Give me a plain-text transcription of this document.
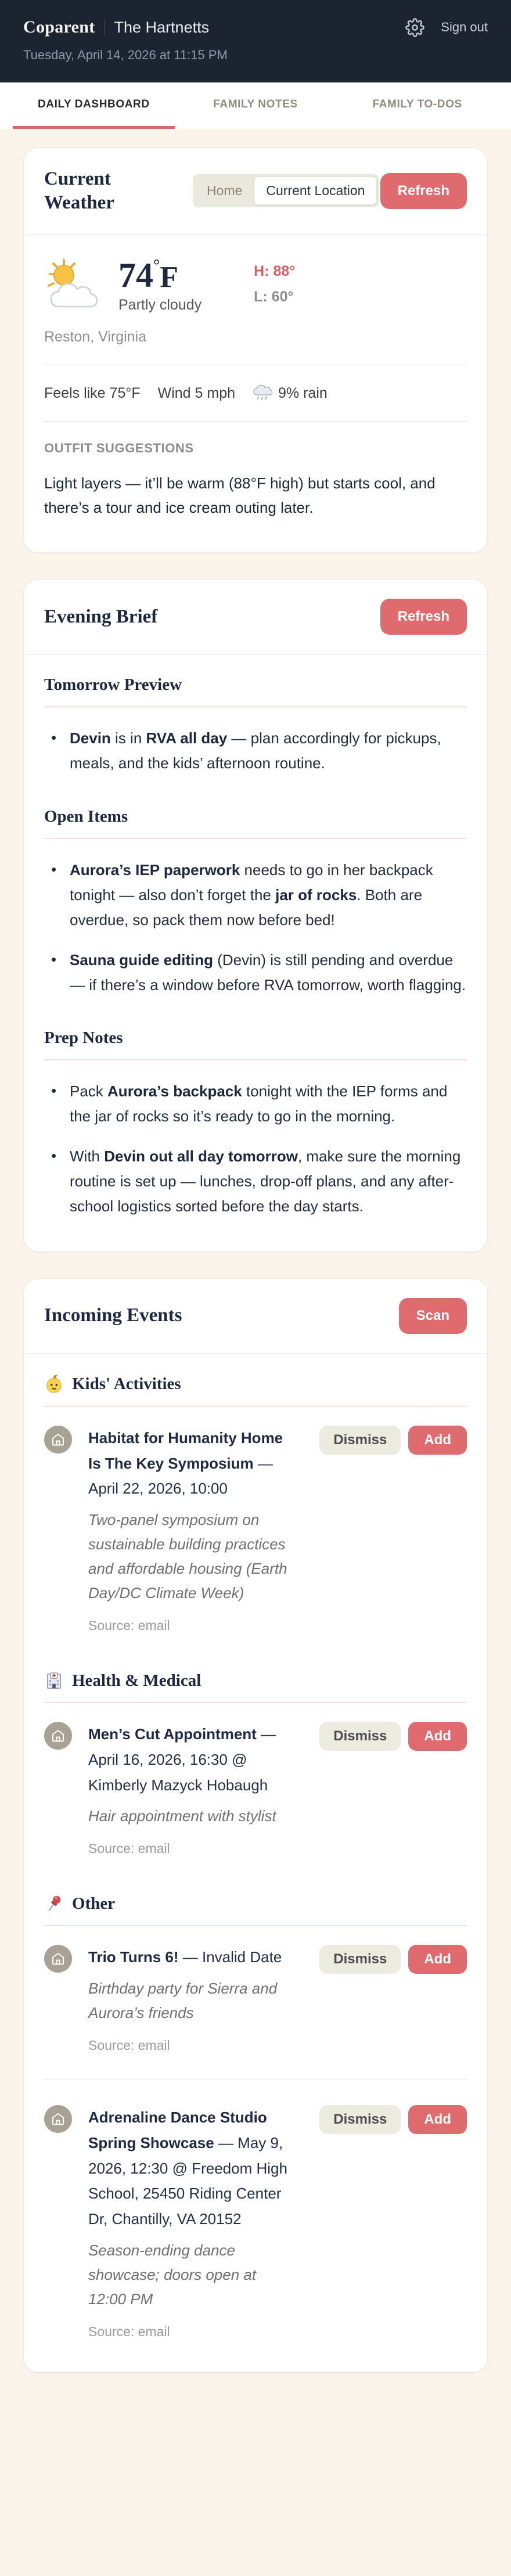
Coparent The Hartnetts	Sign out
Tuesday, April 14, 2026 at 11:15 PM
DAILY DASHBOARD	FAMILY NOTES	FAMILY TO-DOS
Current Weather
Home	Current Location	Refresh
74°F
Partly cloudy
H: 88°
L: 60°
Reston, Virginia
Feels like 75°F Wind 5 mph	9% rain
OUTFIT SUGGESTIONS
Light layers — it’ll be warm (88°F high) but starts cool, and there’s a tour and ice cream outing later.
Evening Brief	Refresh
Tomorrow Preview
• Devin is in RVA all day — plan accordingly for pickups, meals, and the kids’ afternoon routine.
Open Items
• Aurora’s IEP paperwork needs to go in her backpack tonight — also don’t forget the jar of rocks. Both are overdue, so pack them now before bed!
• Sauna guide editing (Devin) is still pending and overdue — if there’s a window before RVA tomorrow, worth flagging.
Prep Notes
• Pack Aurora’s backpack tonight with the IEP forms and the jar of rocks so it’s ready to go in the morning.
• With Devin out all day tomorrow, make sure the morning routine is set up — lunches, drop-off plans, and any after-school logistics sorted before the day starts.
Incoming Events	Scan
Kids' Activities
Habitat for Humanity Home Is The Key Symposium — April 22, 2026, 10:00
Two-panel symposium on sustainable building practices and affordable housing (Earth Day/DC Climate Week)
Source: email
Dismiss	Add
Health & Medical
Men’s Cut Appointment — April 16, 2026, 16:30 @ Kimberly Mazyck Hobaugh
Hair appointment with stylist
Source: email
Dismiss	Add
Other
Trio Turns 6! — Invalid Date
Birthday party for Sierra and Aurora’s friends
Source: email
Dismiss	Add
Adrenaline Dance Studio Spring Showcase — May 9, 2026, 12:30 @ Freedom High School, 25450 Riding Center Dr, Chantilly, VA 20152
Season-ending dance showcase; doors open at 12:00 PM
Source: email
Dismiss	Add
